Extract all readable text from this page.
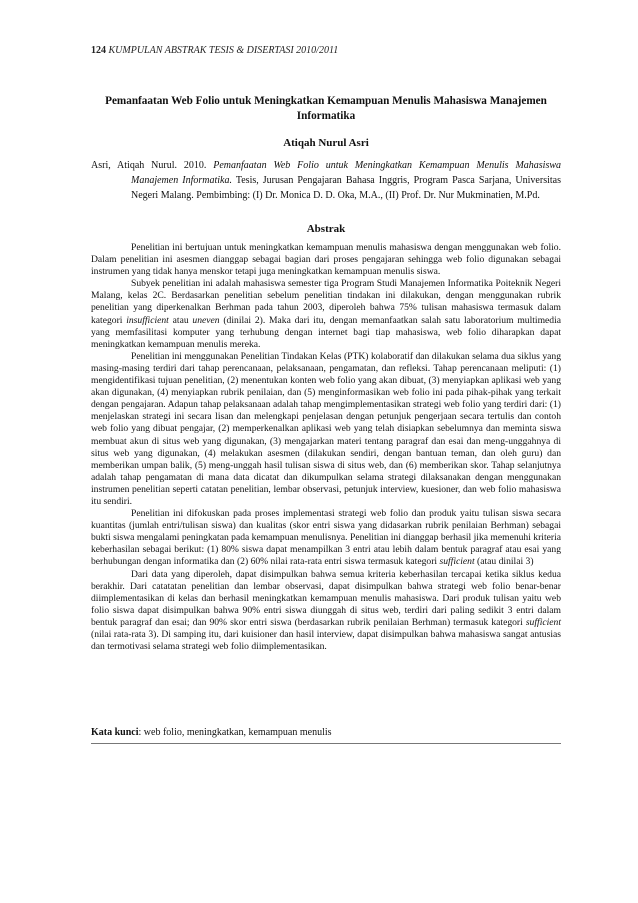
124 KUMPULAN ABSTRAK TESIS & DISERTASI 2010/2011
Pemanfaatan Web Folio untuk Meningkatkan Kemampuan Menulis Mahasiswa Manajemen Informatika
Atiqah Nurul Asri
Asri, Atiqah Nurul. 2010. Pemanfaatan Web Folio untuk Meningkatkan Kemampuan Menulis Mahasiswa Manajemen Informatika. Tesis, Jurusan Pengajaran Bahasa Inggris, Program Pasca Sarjana, Universitas Negeri Malang. Pembimbing: (I) Dr. Monica D. D. Oka, M.A., (II) Prof. Dr. Nur Mukminatien, M.Pd.
Abstrak

Penelitian ini bertujuan untuk meningkatkan kemampuan menulis mahasiswa dengan menggunakan web folio. Dalam penelitian ini asesmen dianggap sebagai bagian dari proses pengajaran sehingga web folio digunakan sebagai instrumen yang tidak hanya menskor tetapi juga meningkatkan kemampuan menulis siswa.

Subyek penelitian ini adalah mahasiswa semester tiga Program Studi Manajemen Informatika Poiteknik Negeri Malang, kelas 2C. Berdasarkan penelitian sebelum penelitian tindakan ini dilakukan, dengan menggunakan rubrik penelitian yang diperkenalkan Berhman pada tahun 2003, diperoleh bahwa 75% tulisan mahasiswa termasuk dalam kategori insufficient atau uneven (dinilai 2). Maka dari itu, dengan memanfaatkan salah satu laboratorium multimedia yang memfasilitasi komputer yang terhubung dengan internet bagi tiap mahasiswa, web folio diharapkan dapat meningkatkan kemampuan menulis mereka.

Penelitian ini menggunakan Penelitian Tindakan Kelas (PTK) kolaboratif dan dilakukan selama dua siklus yang masing-masing terdiri dari tahap perencanaan, pelaksanaan, pengamatan, dan refleksi. Tahap perencanaan meliputi: (1) mengidentifikasi tujuan penelitian, (2) menentukan konten web folio yang akan dibuat, (3) menyiapkan aplikasi web yang akan digunakan, (4) menyiapkan rubrik penilaian, dan (5) menginformasikan web folio ini pada pihak-pihak yang terkait dengan pengajaran. Adapun tahap pelaksanaan adalah tahap mengimplementasikan strategi web folio yang terdiri dari: (1) menjelaskan strategi ini secara lisan dan melengkapi penjelasan dengan petunjuk pengerjaan secara tertulis dan contoh web folio yang dibuat pengajar, (2) memperkenalkan aplikasi web yang telah disiapkan sebelumnya dan meminta siswa membuat akun di situs web yang digunakan, (3) mengajarkan materi tentang paragraf dan esai dan meng-unggahnya di situs web yang digunakan, (4) melakukan asesmen (dilakukan sendiri, dengan bantuan teman, dan oleh guru) dan memberikan umpan balik, (5) meng-unggah hasil tulisan siswa di situs web, dan (6) memberikan skor. Tahap selanjutnya adalah tahap pengamatan di mana data dicatat dan dikumpulkan selama strategi dilaksanakan dengan menggunakan instrumen penelitian seperti catatan penelitian, lembar observasi, petunjuk interview, kuesioner, dan web folio mahasiswa itu sendiri.

Penelitian ini difokuskan pada proses implementasi strategi web folio dan produk yaitu tulisan siswa secara kuantitas (jumlah entri/tulisan siswa) dan kualitas (skor entri siswa yang didasarkan rubrik penilaian Berhman) sebagai bukti siswa mengalami peningkatan pada kemampuan menulisnya. Penelitian ini dianggap berhasil jika memenuhi kriteria keberhasilan sebagai berikut: (1) 80% siswa dapat menampilkan 3 entri atau lebih dalam bentuk paragraf atau esai yang berhubungan dengan informatika dan (2) 60% nilai rata-rata entri siswa termasuk kategori sufficient (atau dinilai 3)

Dari data yang diperoleh, dapat disimpulkan bahwa semua kriteria keberhasilan tercapai ketika siklus kedua berakhir. Dari catatatan penelitian dan lembar observasi, dapat disimpulkan bahwa strategi web folio benar-benar diimplementasikan di kelas dan berhasil meningkatkan kemampuan menulis mahasiswa. Dari produk tulisan yaitu web folio siswa dapat disimpulkan bahwa 90% entri siswa diunggah di situs web, terdiri dari paling sedikit 3 entri dalam bentuk paragraf dan esai; dan 90% skor entri siswa (berdasarkan rubrik penilaian Berhman) termasuk kategori sufficient (nilai rata-rata 3). Di samping itu, dari kuisioner dan hasil interview, dapat disimpulkan bahwa mahasiswa sangat antusias dan termotivasi selama strategi web folio diimplementasikan.

Kata kunci: web folio, meningkatkan, kemampuan menulis
